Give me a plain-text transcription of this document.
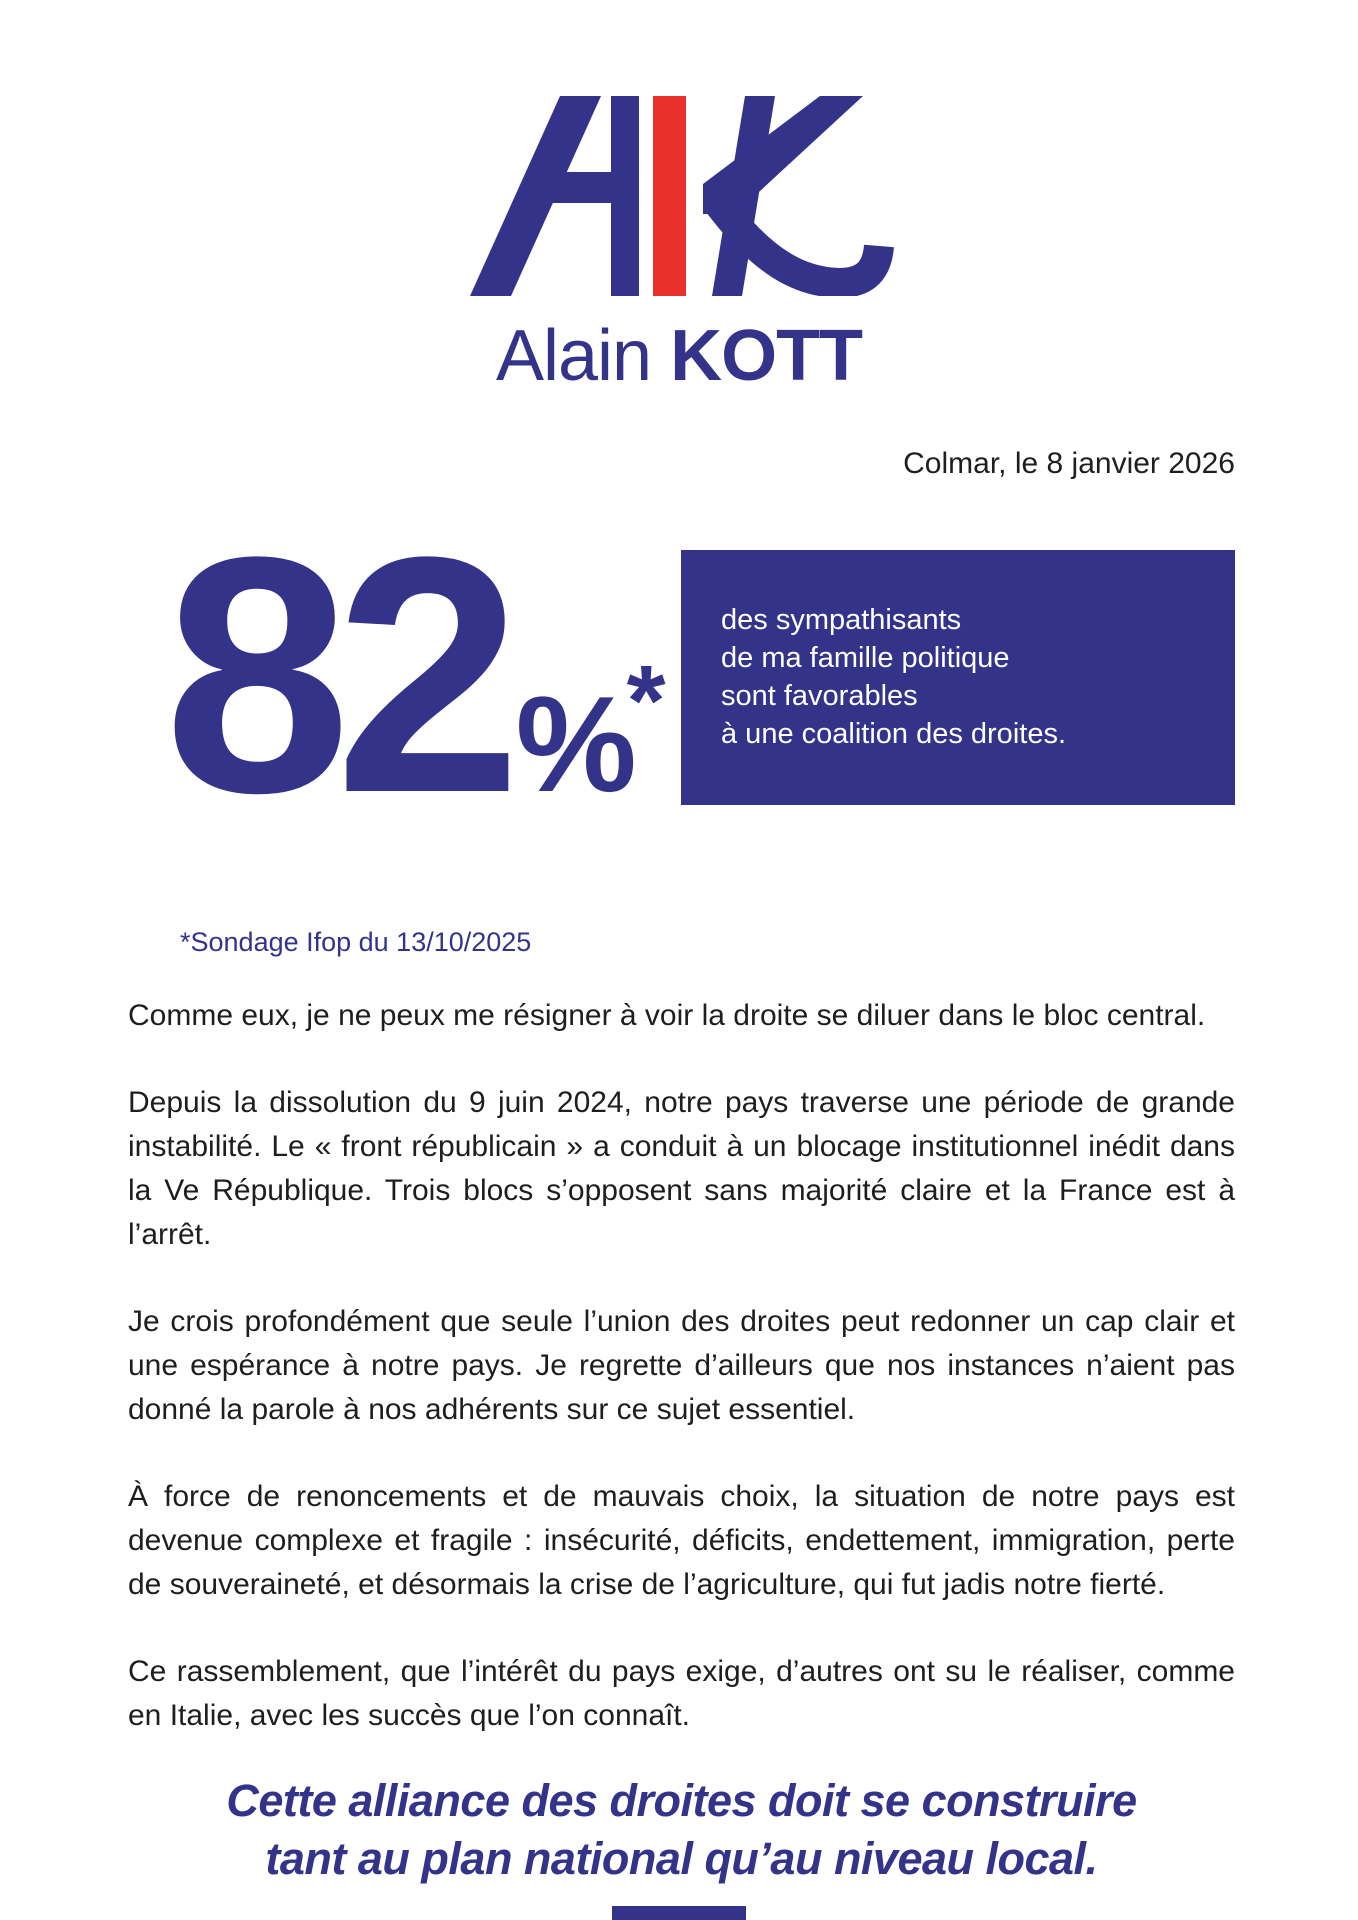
Alain KOTT
Colmar, le 8 janvier 2026
82%*
*Sondage Ifop du 13/10/2025
des sympathisants
de ma famille politique
sont favorables
à une coalition des droites.

Comme eux, je ne peux me résigner à voir la droite se diluer dans le bloc central.

Depuis la dissolution du 9 juin 2024, notre pays traverse une période de grande instabilité. Le « front républicain » a conduit à un blocage institutionnel inédit dans la Ve République. Trois blocs s’opposent sans majorité claire et la France est à l’arrêt.

Je crois profondément que seule l’union des droites peut redonner un cap clair et une espérance à notre pays. Je regrette d’ailleurs que nos instances n’aient pas donné la parole à nos adhérents sur ce sujet essentiel.

À force de renoncements et de mauvais choix, la situation de notre pays est devenue complexe et fragile : insécurité, déficits, endettement, immigration, perte de souveraineté, et désormais la crise de l’agriculture, qui fut jadis notre fierté.

Ce rassemblement, que l’intérêt du pays exige, d’autres ont su le réaliser, comme en Italie, avec les succès que l’on connaît.

Cette alliance des droites doit se construire
tant au plan national qu’au niveau local.
